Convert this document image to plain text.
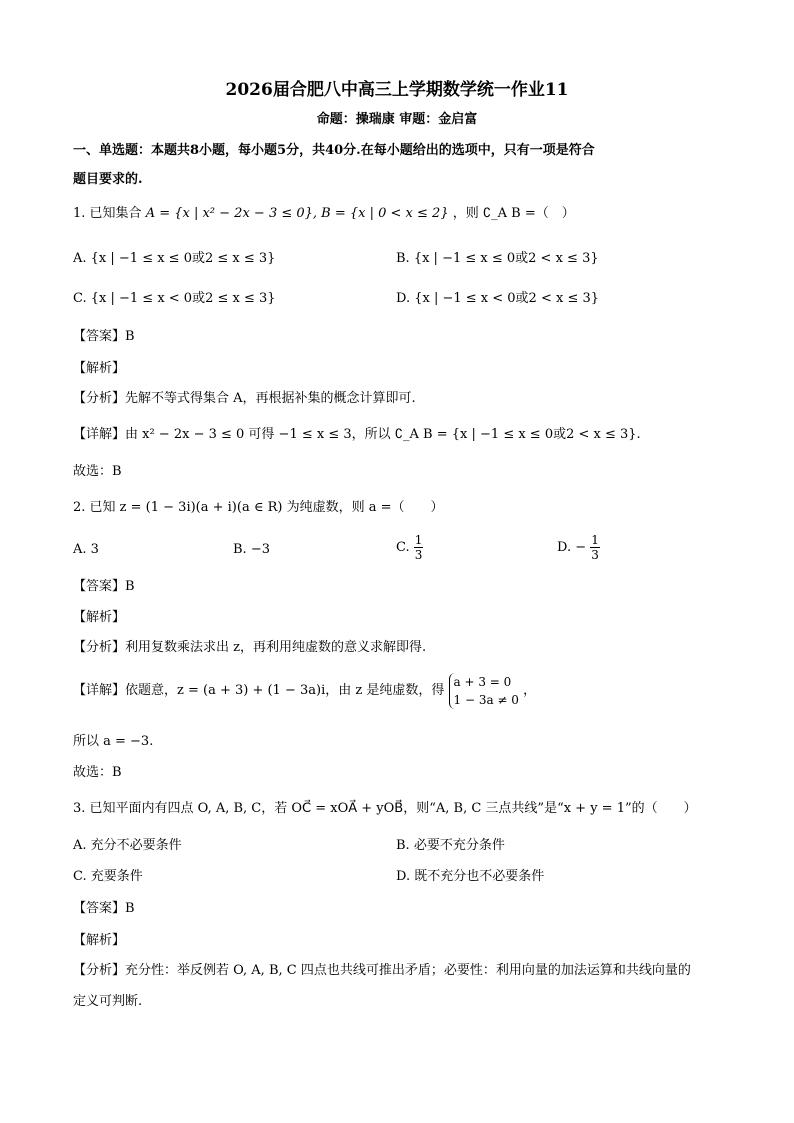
2026届合肥八中高三上学期数学统一作业11
命题：操瑞康 审题：金启富
一、单选题：本题共8小题，每小题5分，共40分.在每小题给出的选项中，只有一项是符合
题目要求的.
1. 已知集合 A = {x | x² − 2x − 3 ≤ 0}, B = {x | 0 < x ≤ 2} ，则 ∁_A B =（　）
A. {x | −1 ≤ x ≤ 0或2 ≤ x ≤ 3}	B. {x | −1 ≤ x ≤ 0或2 < x ≤ 3}
C. {x | −1 ≤ x < 0或2 ≤ x ≤ 3}	D. {x | −1 ≤ x < 0或2 < x ≤ 3}
【答案】B
【解析】
【分析】先解不等式得集合 A，再根据补集的概念计算即可.
【详解】由 x² − 2x − 3 ≤ 0 可得 −1 ≤ x ≤ 3，所以 ∁_A B = {x | −1 ≤ x ≤ 0或2 < x ≤ 3}.
故选：B
2. 已知 z = (1 − 3i)(a + i)(a ∈ R) 为纯虚数，则 a =（　　）
A. 3	B. −3	C. $\frac{1}{3}$	D. − $\frac{1}{3}$
【答案】B
【解析】
【分析】利用复数乘法求出 z，再利用纯虚数的意义求解即得.
【详解】依题意，z = (a + 3) + (1 − 3a)i，由 z 是纯虚数，得
a + 3 = 0
1 − 3a ≠ 0
，
所以 a = −3.
故选：B
3. 已知平面内有四点 O, A, B, C，若 OC⃗ = xOA⃗ + yOB⃗，则“A, B, C 三点共线”是“x + y = 1”的（　　）
A. 充分不必要条件	B. 必要不充分条件
C. 充要条件	D. 既不充分也不必要条件
【答案】B
【解析】
【分析】充分性：举反例若 O, A, B, C 四点也共线可推出矛盾；必要性：利用向量的加法运算和共线向量的
定义可判断.
